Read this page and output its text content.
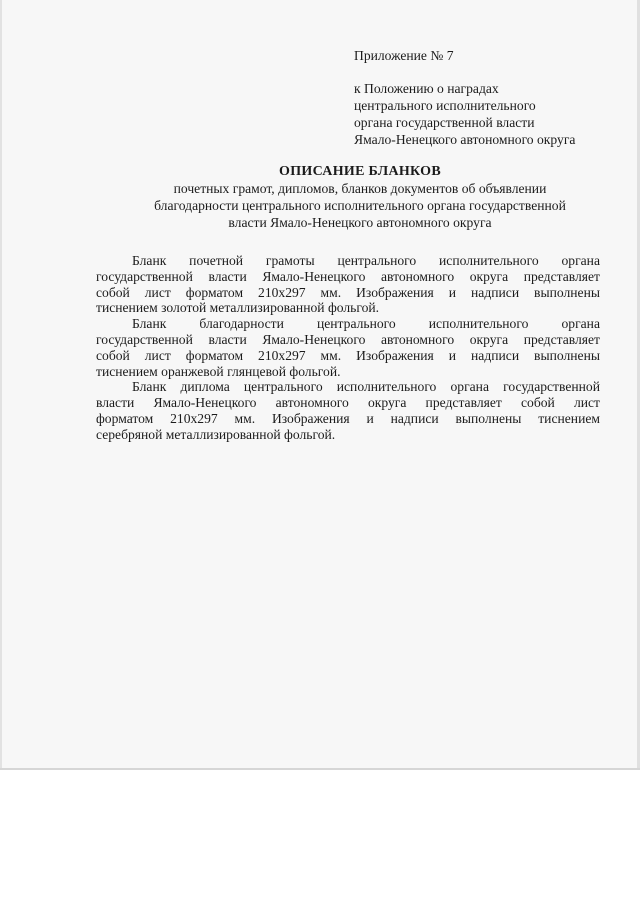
Приложение № 7
к Положению о наградах
центрального исполнительного
органа государственной власти
Ямало-Ненецкого автономного округа
ОПИСАНИЕ БЛАНКОВ
почетных грамот, дипломов, бланков документов об объявлении
благодарности центрального исполнительного органа государственной
власти Ямало-Ненецкого автономного округа
Бланк почетной грамоты центрального исполнительного органа
государственной власти Ямало-Ненецкого автономного округа представляет
собой лист форматом 210х297 мм. Изображения и надписи выполнены
тиснением золотой металлизированной фольгой.
Бланк благодарности центрального исполнительного органа
государственной власти Ямало-Ненецкого автономного округа представляет
собой лист форматом 210х297 мм. Изображения и надписи выполнены
тиснением оранжевой глянцевой фольгой.
Бланк диплома центрального исполнительного органа государственной
власти Ямало-Ненецкого автономного округа представляет собой лист
форматом 210х297 мм. Изображения и надписи выполнены тиснением
серебряной металлизированной фольгой.
